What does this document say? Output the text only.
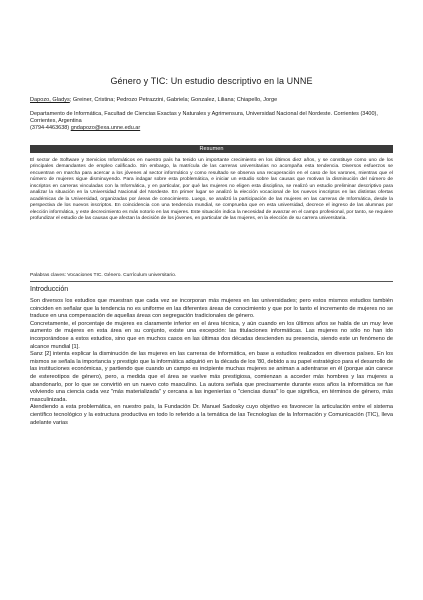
Género y TIC: Un estudio descriptivo en la UNNE
Dapozo, Gladys; Greiner, Cristina; Pedrozo Petrazzini, Gabriela; Gonzalez, Liliana; Chiapello, Jorge
Departamento de Informática, Facultad de Ciencias Exactas y Naturales y Agrimensura, Universidad Nacional del Nordeste. Corrientes (3400), Corrientes, Argentina
(3794-4463638) gndapozo@exa.unne.edu.ar
Resumen
El sector de Software y Servicios Informáticos en nuestro país ha tenido un importante crecimiento en los últimos diez años, y se constituye como uno de los principales demandantes de empleo calificado. Sin embargo, la matrícula de las carreras universitarias no acompaña esta tendencia. Diversos esfuerzos se encuentran en marcha para acercar a los jóvenes al sector informático y como resultado se observa una recuperación en el caso de los varones, mientras que el número de mujeres sigue disminuyendo. Para indagar sobre esta problemática, e iniciar un estudio sobre las causas que motivan la disminución del número de inscriptos en carreras vinculadas con la Informática, y en particular, por qué las mujeres no eligen esta disciplina, se realizó un estudio preliminar descriptivo para analizar la situación en la Universidad Nacional del Nordeste. En primer lugar se analizó la elección vocacional de los nuevos inscriptos en las distintas ofertas académicas de la Universidad, organizadas por áreas de conocimiento. Luego, se analizó la participación de las mujeres en las carreras de Informática, desde la perspectiva de los nuevos inscriptos. En coincidencia con una tendencia mundial, se comprueba que en esta universidad, decrece el ingreso de las alumnas por elección informática, y este decrecimiento es más notorio en las mujeres. Este situación indica la necesidad de avanzar en el campo profesional, por tanto, se requiere profundizar el estudio de las causas que afectan la decisión de los jóvenes, en particular de las mujeres, en la elección de su carrera universitaria.
Palabras claves: Vocaciones TIC. Género. Currículum universitario.
Introducción

Son diversos los estudios que muestran que cada vez se incorporan más mujeres en las universidades; pero estos mismos estudios también coinciden en señalar que la tendencia no es uniforme en las diferentes áreas de conocimiento y que por lo tanto el incremento de mujeres no se traduce en una compensación de aquellas áreas con segregación tradicionales de género.

Concretamente, el porcentaje de mujeres es claramente inferior en el área técnica, y aún cuando en los últimos años se habla de un muy leve aumento de mujeres en esta área en su conjunto, existe una excepción: las titulaciones informáticas. Las mujeres no sólo no han ido incorporándose a estos estudios, sino que en muchos casos en las últimas dos décadas descienden su presencia, siendo este un fenómeno de alcance mundial [1].

Sanz [2] intenta explicar la disminución de las mujeres en las carreras de Informática, en base a estudios realizados en diversos países. En los mismos se señala la importancia y prestigio que la informática adquirió en la década de los '80, debido a su papel estratégico para el desarrollo de las instituciones económicas, y partiendo que cuando un campo es incipiente muchas mujeres se animan a adentrarse en él (porque aún carece de estereotipos de género), pero, a medida que el área se vuelve más prestigiosa, comienzan a acceder más hombres y las mujeres a abandonarlo, por lo que se convirtió en un nuevo coto masculino. La autora señala que precisamente durante esos años la informática se fue volviendo una ciencia cada vez "más materializada" y cercana a las ingenierías o "ciencias duras" lo que significa, en términos de género, más masculinizada.

Atendiendo a esta problemática, en nuestro país, la Fundación Dr. Manuel Sadosky cuyo objetivo es favorecer la articulación entre el sistema científico tecnológico y la estructura productiva en todo lo referido a la temática de las Tecnologías de la Información y Comunicación (TIC), lleva adelante varias
